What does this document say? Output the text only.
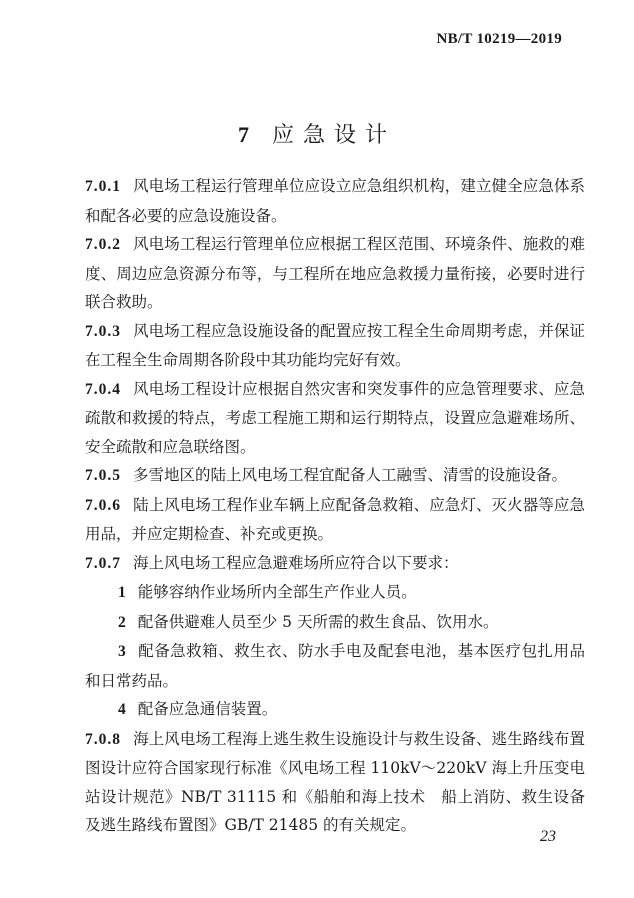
NB/T 10219—2019
7 应急设计

7.0.1 风电场工程运行管理单位应设立应急组织机构，建立健全应急体系和配各必要的应急设施设备。

7.0.2 风电场工程运行管理单位应根据工程区范围、环境条件、施救的难度、周边应急资源分布等，与工程所在地应急救援力量衔接，必要时进行联合救助。

7.0.3 风电场工程应急设施设备的配置应按工程全生命周期考虑，并保证在工程全生命周期各阶段中其功能均完好有效。

7.0.4 风电场工程设计应根据自然灾害和突发事件的应急管理要求、应急疏散和救援的特点，考虑工程施工期和运行期特点，设置应急避难场所、安全疏散和应急联络图。

7.0.5 多雪地区的陆上风电场工程宜配备人工融雪、清雪的设施设备。

7.0.6 陆上风电场工程作业车辆上应配备急救箱、应急灯、灭火器等应急用品，并应定期检查、补充或更换。

7.0.7 海上风电场工程应急避难场所应符合以下要求：

1 能够容纳作业场所内全部生产作业人员。

2 配备供避难人员至少 5 天所需的救生食品、饮用水。

3 配备急救箱、救生衣、防水手电及配套电池，基本医疗包扎用品和日常药品。

4 配备应急通信装置。

7.0.8 海上风电场工程海上逃生救生设施设计与救生设备、逃生路线布置图设计应符合国家现行标准《风电场工程 110kV～220kV 海上升压变电站设计规范》NB/T 31115 和《船舶和海上技术　船上消防、救生设备及逃生路线布置图》GB/T 21485 的有关规定。

23
